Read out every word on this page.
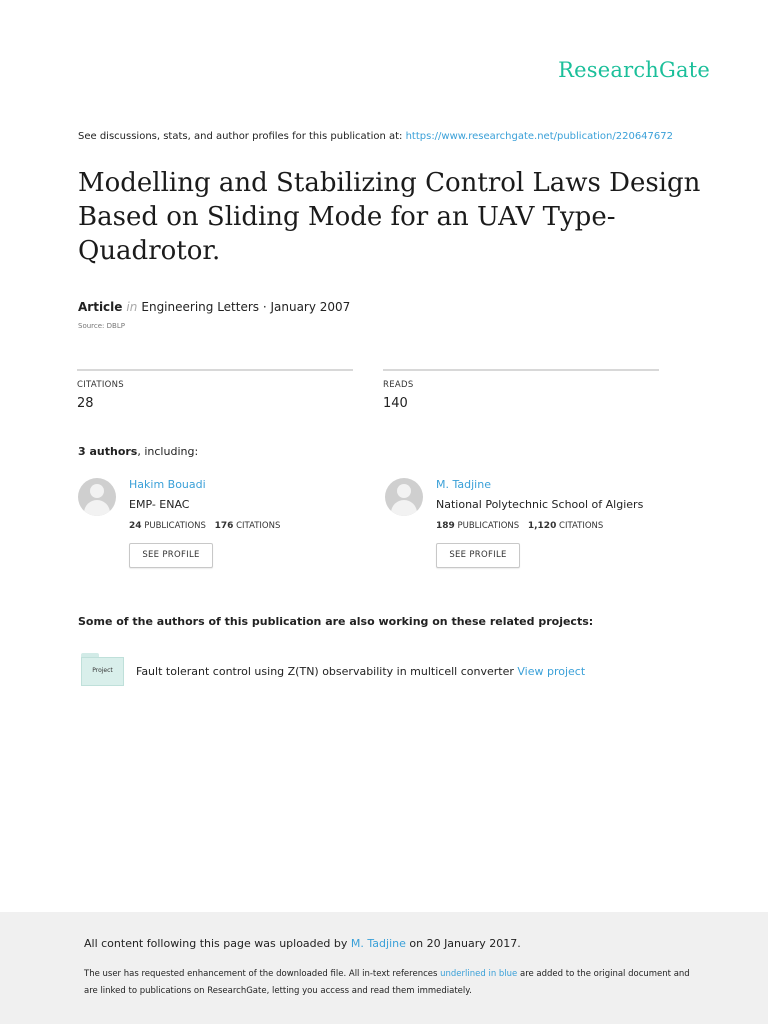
ResearchGate
See discussions, stats, and author profiles for this publication at: https://www.researchgate.net/publication/220647672
Modelling and Stabilizing Control Laws Design Based on Sliding Mode for an UAV Type-Quadrotor.
Article in Engineering Letters · January 2007
Source: DBLP
CITATIONS
28
READS
140
3 authors, including:
Hakim Bouadi
EMP- ENAC
24 PUBLICATIONS 176 CITATIONS
SEE PROFILE
M. Tadjine
National Polytechnic School of Algiers
189 PUBLICATIONS 1,120 CITATIONS
SEE PROFILE
Some of the authors of this publication are also working on these related projects:
Project	Fault tolerant control using Z(TN) observability in multicell converter View project
All content following this page was uploaded by M. Tadjine on 20 January 2017.
The user has requested enhancement of the downloaded file. All in-text references underlined in blue are added to the original document and are linked to publications on ResearchGate, letting you access and read them immediately.
